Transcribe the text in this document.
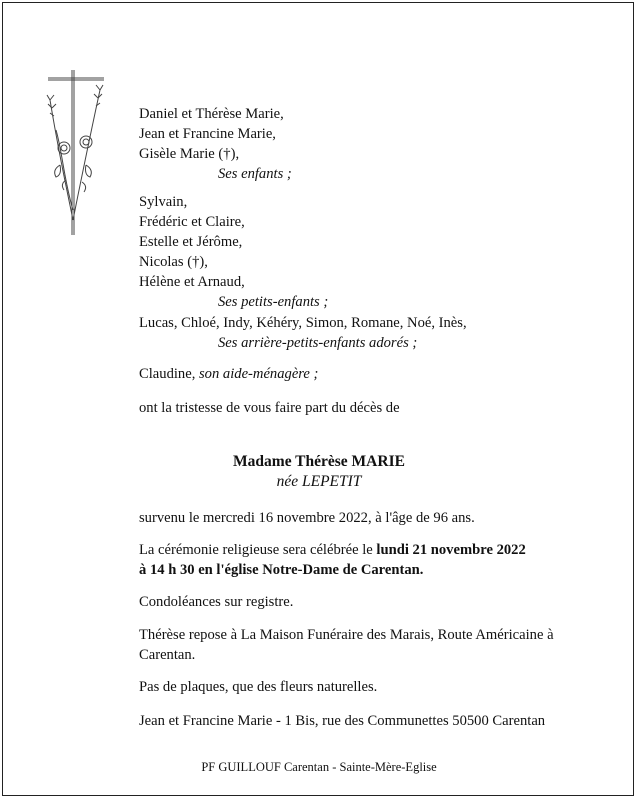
Daniel et Thérèse Marie,
Jean et Francine Marie,
Gisèle Marie (†),
Ses enfants ;
Sylvain,
Frédéric et Claire,
Estelle et Jérôme,
Nicolas (†),
Hélène et Arnaud,
Ses petits-enfants ;
Lucas, Chloé, Indy, Kéhéry, Simon, Romane, Noé, Inès,
Ses arrière-petits-enfants adorés ;
Claudine, son aide-ménagère ;
ont la tristesse de vous faire part du décès de
Madame Thérèse MARIE
née LEPETIT
survenu le mercredi 16 novembre 2022, à l'âge de 96 ans.
La cérémonie religieuse sera célébrée le lundi 21 novembre 2022
à 14 h 30 en l'église Notre-Dame de Carentan.
Condoléances sur registre.
Thérèse repose à La Maison Funéraire des Marais, Route Américaine à
Carentan.
Pas de plaques, que des fleurs naturelles.
Jean et Francine Marie - 1 Bis, rue des Communettes 50500 Carentan
PF GUILLOUF Carentan - Sainte-Mère-Eglise
